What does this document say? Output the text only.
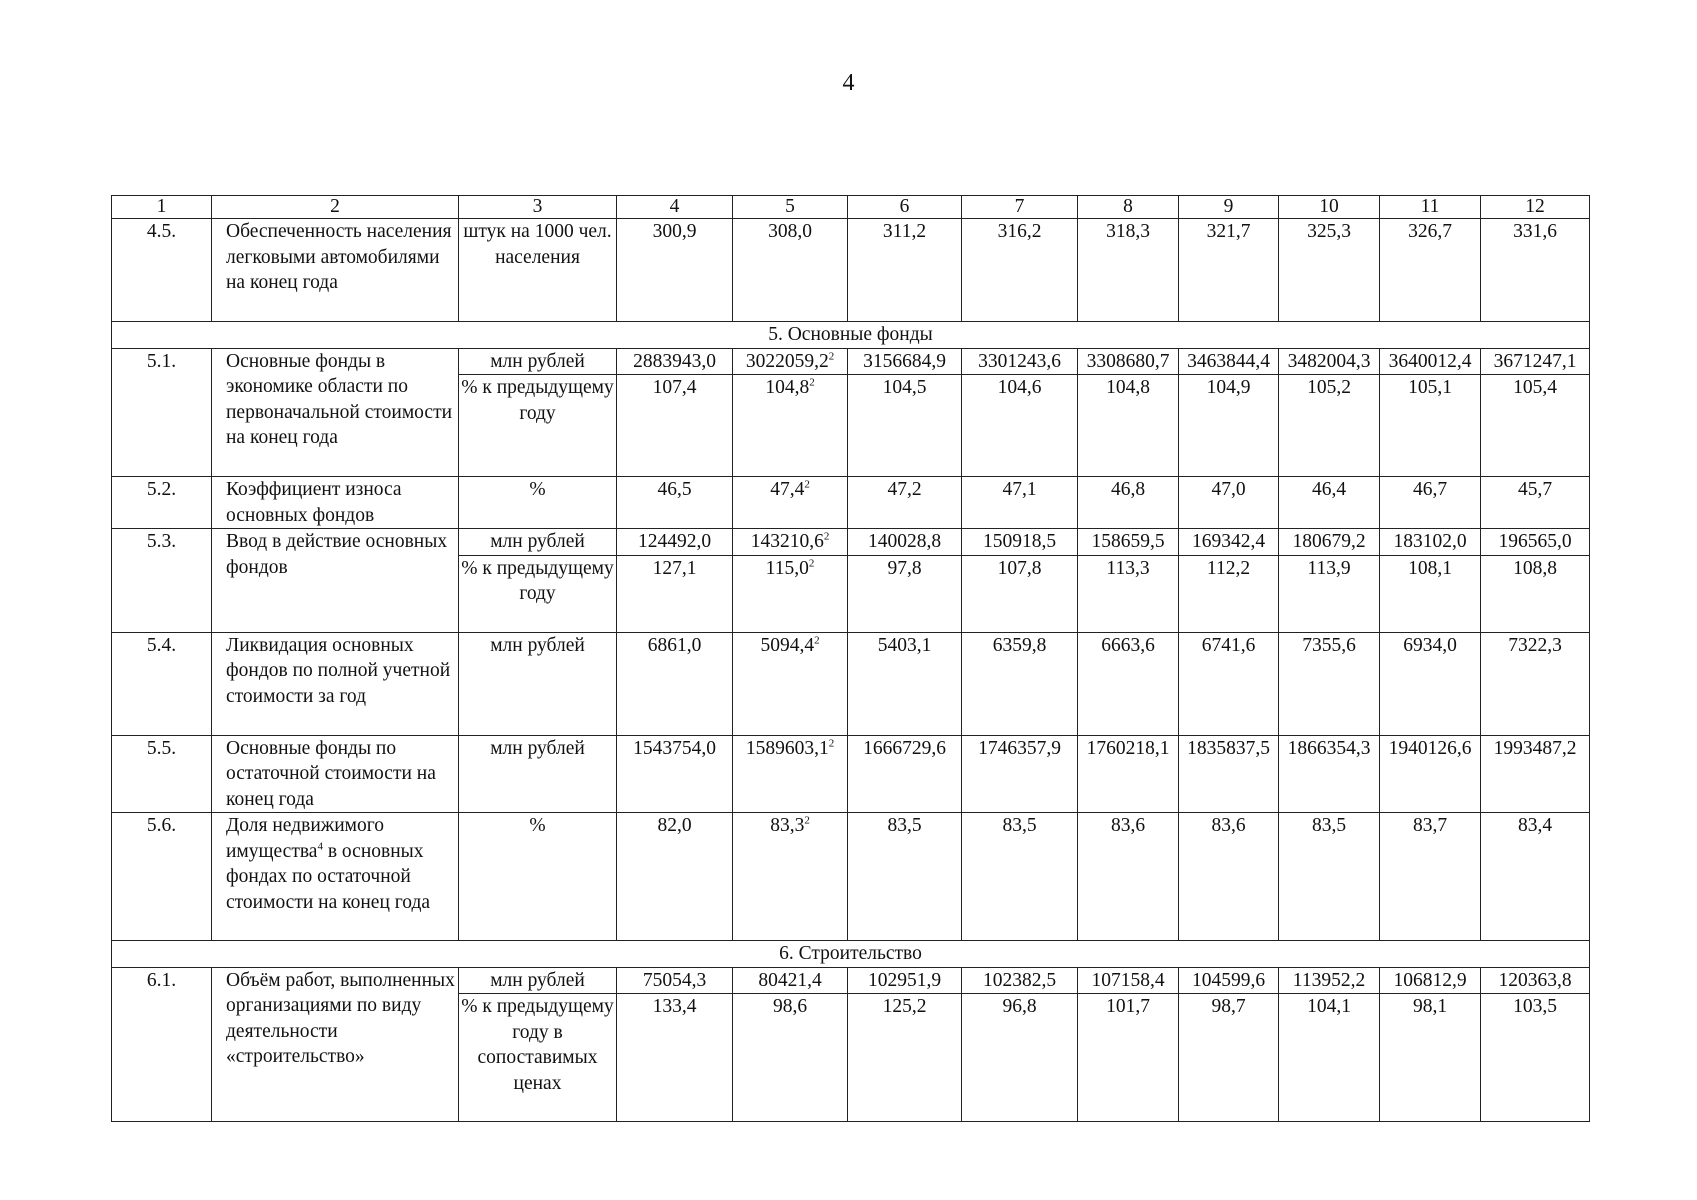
4
1	2	3	4	5	6	7	8	9	10	11	12
4.5.	Обеспеченность населения легковыми автомобилями на конец года	штук на 1000 чел. населения	300,9	308,0	311,2	316,2	318,3	321,7	325,3	326,7	331,6
5. Основные фонды											
5.1.	Основные фонды в экономике области по первоначальной стоимости на конец года	млн рублей	2883943,0	3022059,2$^2$	3156684,9	3301243,6	3308680,7	3463844,4	3482004,3	3640012,4	3671247,1
		% к предыдущему году	107,4	104,8$^2$	104,5	104,6	104,8	104,9	105,2	105,1	105,4
5.2.	Коэффициент износа основных фондов	%	46,5	47,4$^2$	47,2	47,1	46,8	47,0	46,4	46,7	45,7
5.3.	Ввод в действие основных фондов	млн рублей	124492,0	143210,6$^2$	140028,8	150918,5	158659,5	169342,4	180679,2	183102,0	196565,0
		% к предыдущему году	127,1	115,0$^2$	97,8	107,8	113,3	112,2	113,9	108,1	108,8
5.4.	Ликвидация основных фондов по полной учетной стоимости за год	млн рублей	6861,0	5094,4$^2$	5403,1	6359,8	6663,6	6741,6	7355,6	6934,0	7322,3
5.5.	Основные фонды по остаточной стоимости на конец года	млн рублей	1543754,0	1589603,1$^2$	1666729,6	1746357,9	1760218,1	1835837,5	1866354,3	1940126,6	1993487,2
5.6.	Доля недвижимого имущества$^4$ в основных фондах по остаточной стоимости на конец года	%	82,0	83,3$^2$	83,5	83,5	83,6	83,6	83,5	83,7	83,4
6. Строительство											
6.1.	Объём работ, выполненных организациями по виду деятельности «строительство»	млн рублей	75054,3	80421,4	102951,9	102382,5	107158,4	104599,6	113952,2	106812,9	120363,8
		% к предыдущему году в сопоставимых ценах	133,4	98,6	125,2	96,8	101,7	98,7	104,1	98,1	103,5
